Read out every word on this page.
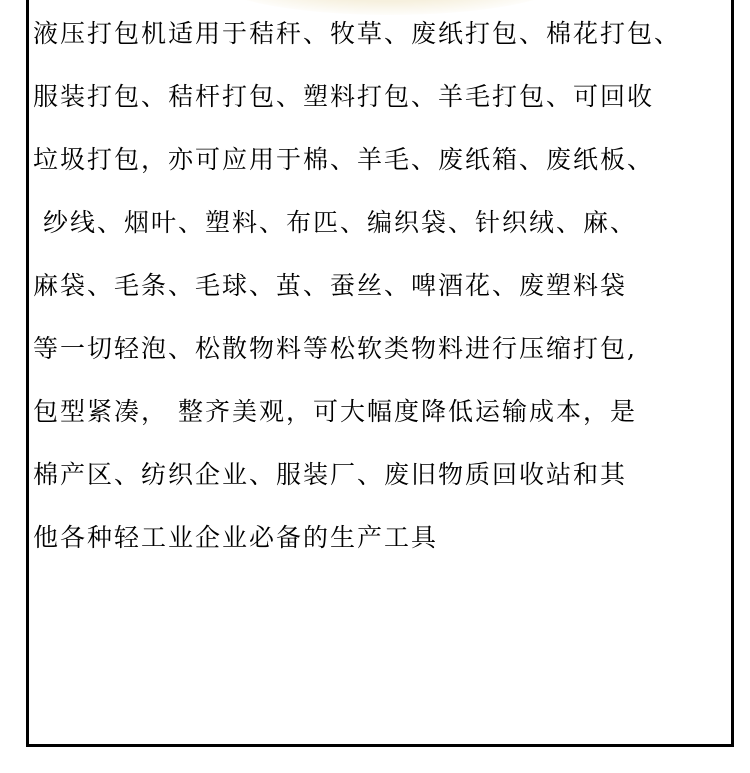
液压打包机适用于秸秆、牧草、废纸打包、棉花打包、
服装打包、秸杆打包、塑料打包、羊毛打包、可回收
垃圾打包，亦可应用于棉、羊毛、废纸箱、废纸板、
纱线、烟叶、塑料、布匹、编织袋、针织绒、麻、
麻袋、毛条、毛球、茧、蚕丝、啤酒花、废塑料袋
等一切轻泡、松散物料等松软类物料进行压缩打包,
包型紧凑， 整齐美观，可大幅度降低运输成本，是
棉产区、纺织企业、服装厂、废旧物质回收站和其
他各种轻工业企业必备的生产工具
